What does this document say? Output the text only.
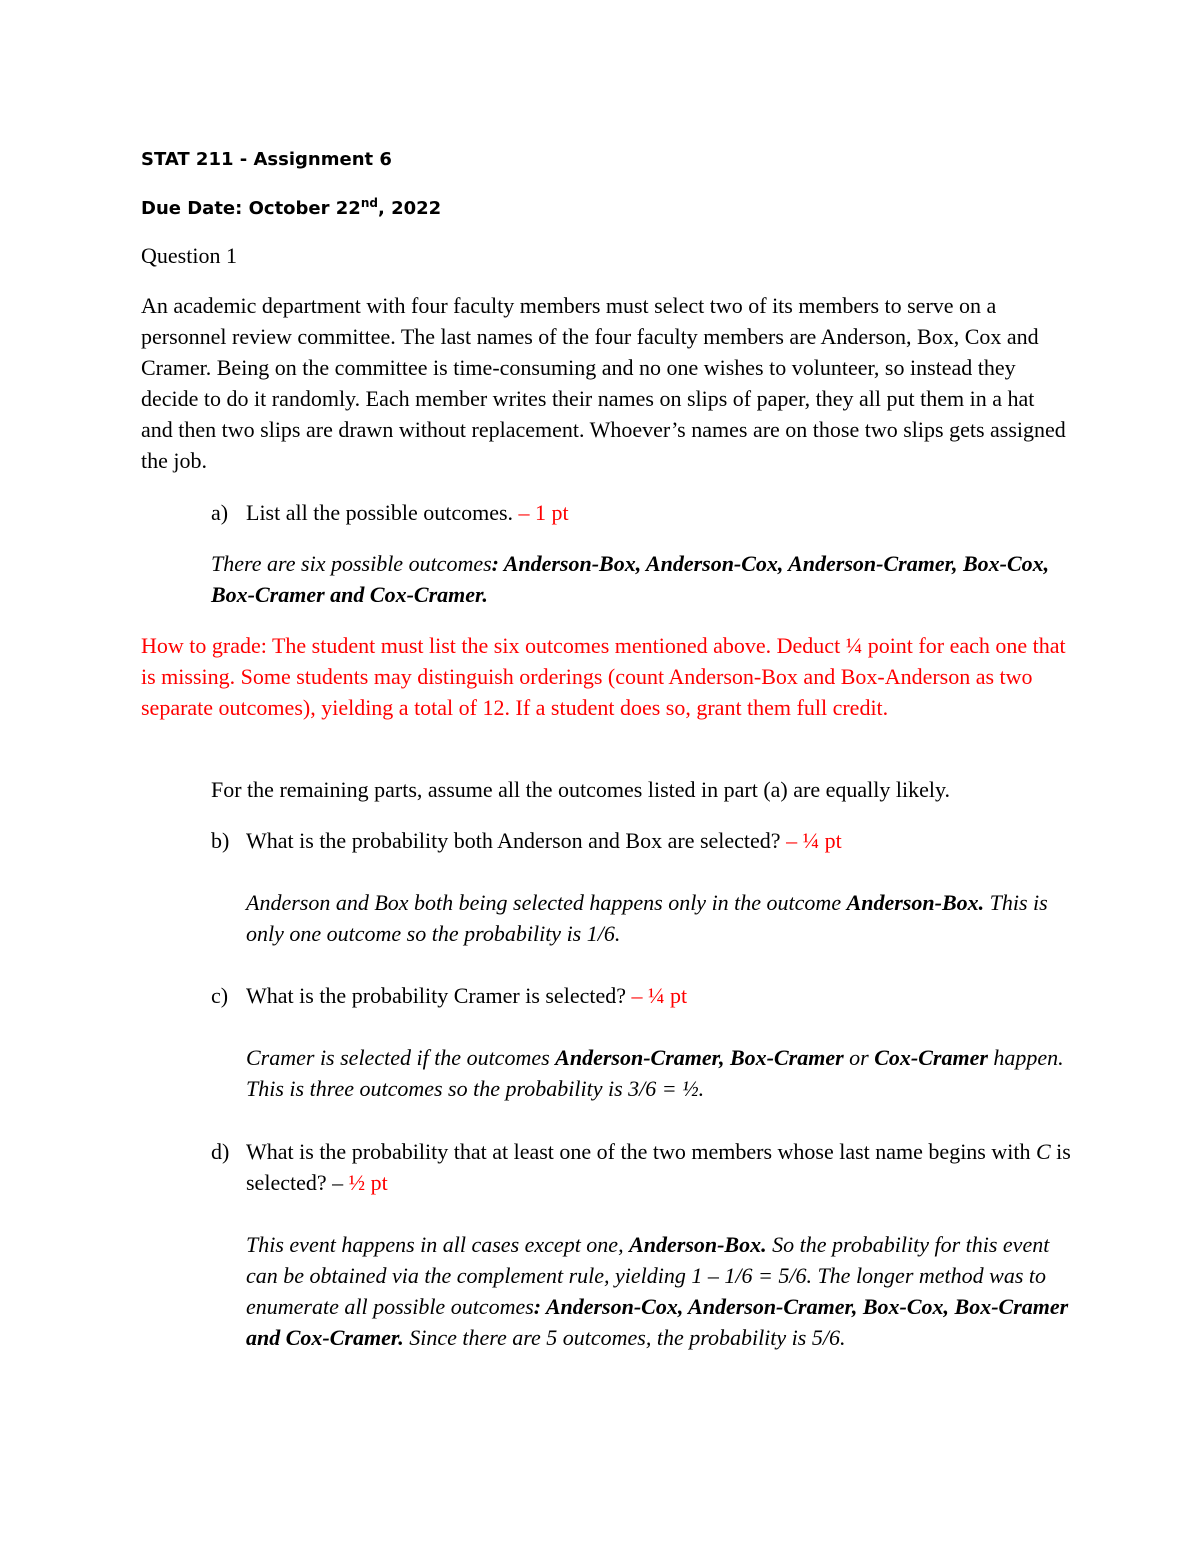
STAT 211 - Assignment 6
Due Date: October 22nd, 2022

Question 1

An academic department with four faculty members must select two of its members to serve on a personnel review committee. The last names of the four faculty members are Anderson, Box, Cox and Cramer. Being on the committee is time-consuming and no one wishes to volunteer, so instead they decide to do it randomly. Each member writes their names on slips of paper, they all put them in a hat and then two slips are drawn without replacement. Whoever’s names are on those two slips gets assigned the job.

a) List all the possible outcomes. – 1 pt

There are six possible outcomes: Anderson-Box, Anderson-Cox, Anderson-Cramer, Box-Cox, Box-Cramer and Cox-Cramer.

How to grade: The student must list the six outcomes mentioned above. Deduct ¼ point for each one that is missing. Some students may distinguish orderings (count Anderson-Box and Box-Anderson as two separate outcomes), yielding a total of 12. If a student does so, grant them full credit.

For the remaining parts, assume all the outcomes listed in part (a) are equally likely.

b) What is the probability both Anderson and Box are selected? – ¼ pt

Anderson and Box both being selected happens only in the outcome Anderson-Box. This is only one outcome so the probability is 1/6.

c) What is the probability Cramer is selected? – ¼ pt

Cramer is selected if the outcomes Anderson-Cramer, Box-Cramer or Cox-Cramer happen. This is three outcomes so the probability is 3/6 = ½.

d) What is the probability that at least one of the two members whose last name begins with C is selected? – ½ pt

This event happens in all cases except one, Anderson-Box. So the probability for this event can be obtained via the complement rule, yielding 1 – 1/6 = 5/6. The longer method was to enumerate all possible outcomes: Anderson-Cox, Anderson-Cramer, Box-Cox, Box-Cramer and Cox-Cramer. Since there are 5 outcomes, the probability is 5/6.
